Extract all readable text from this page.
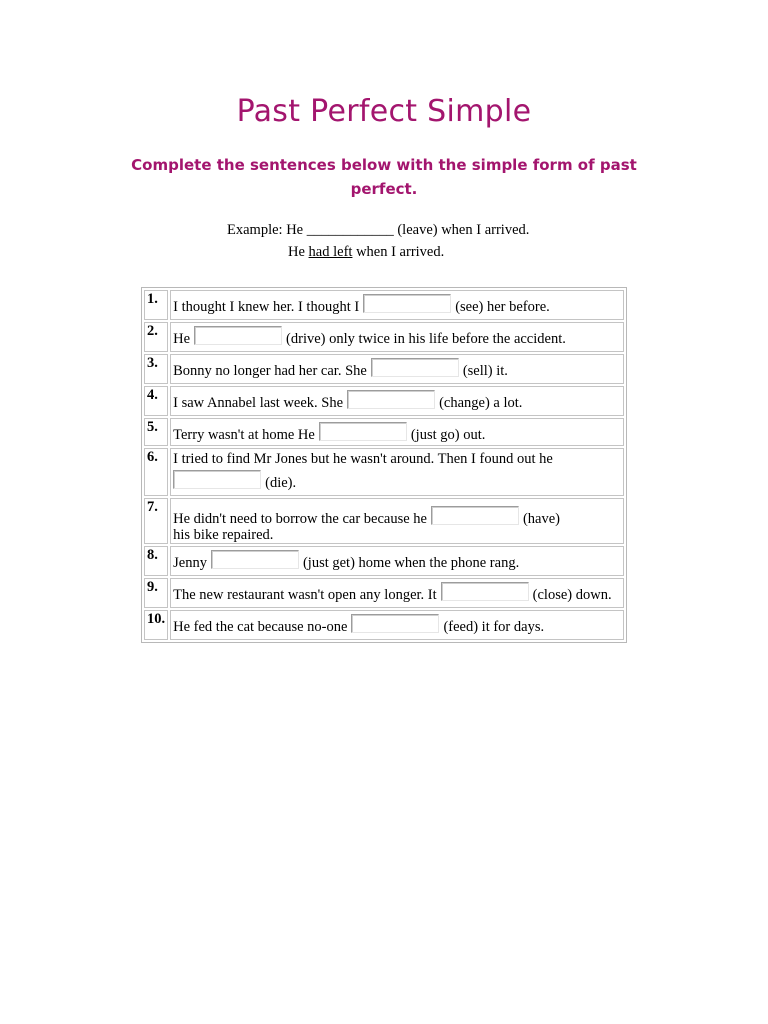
Past Perfect Simple
Complete the sentences below with the simple form of past perfect.
Example: He ____________ (leave) when I arrived.
He had left when I arrived.
1.	I thought I knew her. I thought I (see) her before.
2.	He (drive) only twice in his life before the accident.
3.	Bonny no longer had her car. She (sell) it.
4.	I saw Annabel last week. She (change) a lot.
5.	Terry wasn't at home He (just go) out.
6.	I tried to find Mr Jones but he wasn't around. Then I found out he
(die).
7.	He didn't need to borrow the car because he (have)
his bike repaired.
8.	Jenny (just get) home when the phone rang.
9.	The new restaurant wasn't open any longer. It (close) down.
10.	He fed the cat because no-one (feed) it for days.
